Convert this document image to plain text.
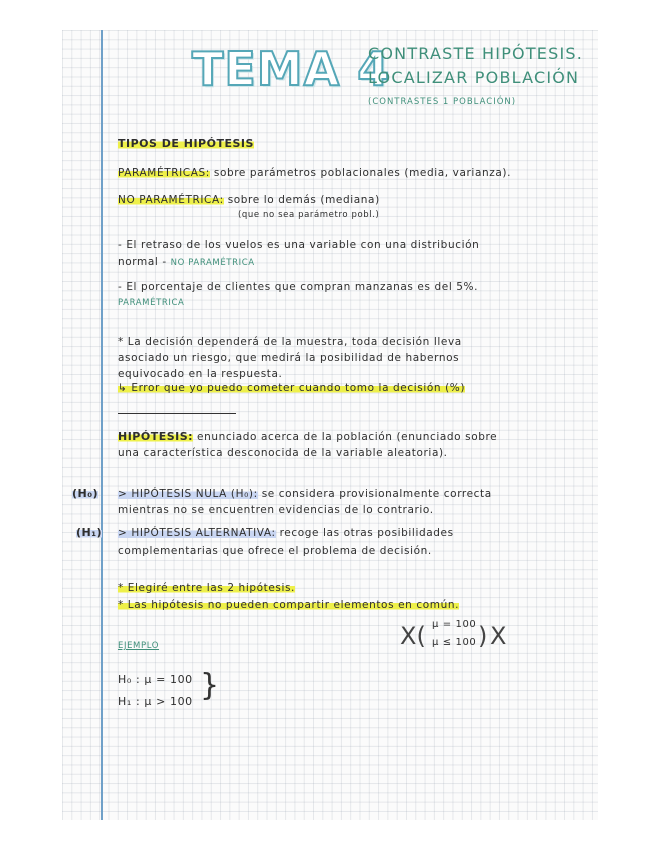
TEMA 4
CONTRASTE HIPÓTESIS.
LOCALIZAR POBLACIÓN
(CONTRASTES 1 POBLACIÓN)
TIPOS DE HIPÓTESIS
PARAMÉTRICAS: sobre parámetros poblacionales (media, varianza).
NO PARAMÉTRICA: sobre lo demás (mediana)
(que no sea parámetro pobl.)
- El retraso de los vuelos es una variable con una distribución
normal - NO PARAMÉTRICA
- El porcentaje de clientes que compran manzanas es del 5%.
PARAMÉTRICA
* La decisión dependerá de la muestra, toda decisión lleva
asociado un riesgo, que medirá la posibilidad de habernos
equivocado en la respuesta.
↳ Error que yo puedo cometer cuando tomo la decisión (%)
HIPÓTESIS: enunciado acerca de la población (enunciado sobre
una característica desconocida de la variable aleatoria).
(H₀) > HIPÓTESIS NULA (H₀): se considera provisionalmente correcta
mientras no se encuentren evidencias de lo contrario.
(H₁) > HIPÓTESIS ALTERNATIVA: recoge las otras posibilidades
complementarias que ofrece el problema de decisión.
* Elegiré entre las 2 hipótesis.
* Las hipótesis no pueden compartir elementos en común.
X( μ = 100
μ ≤ 100 ) X
EJEMPLO
H₀ : μ = 100
H₁ : μ > 100 }
